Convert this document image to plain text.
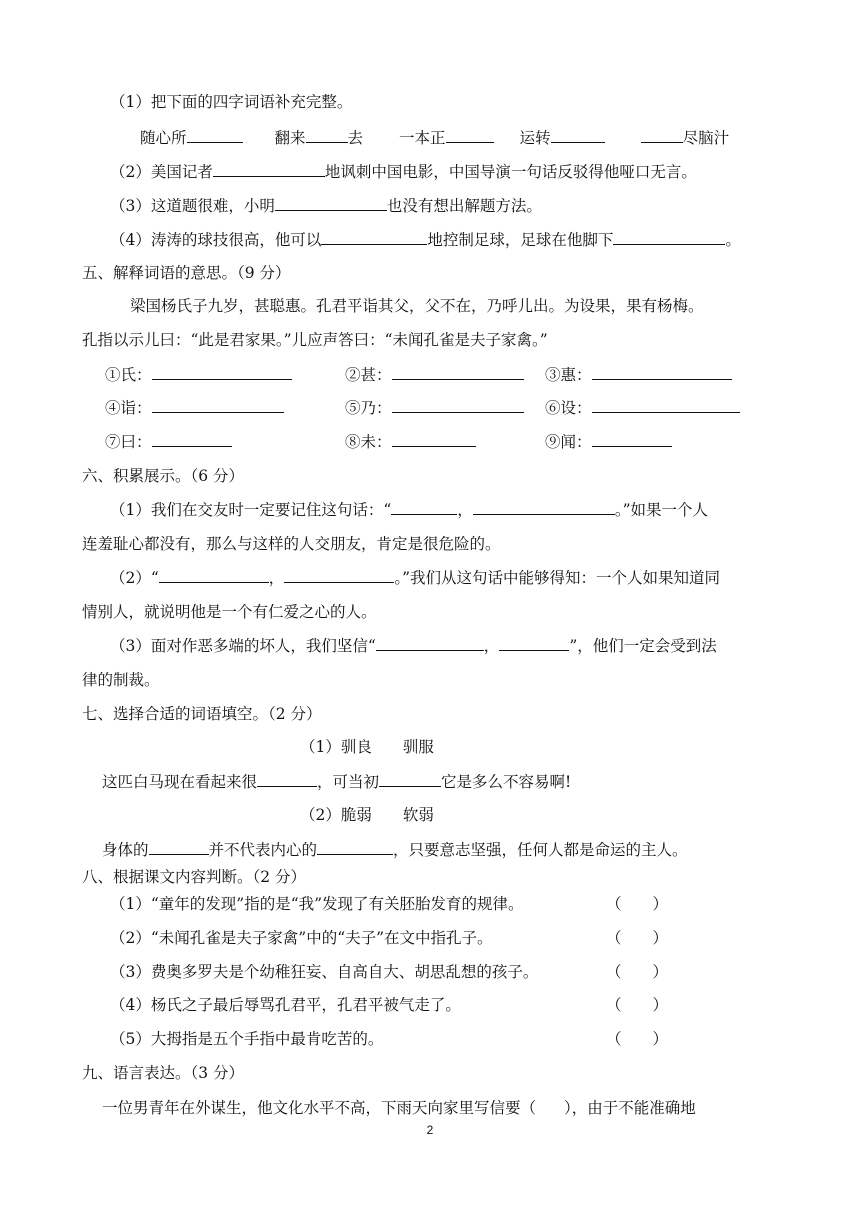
（1）把下面的四字词语补充完整。
随心所	翻来	去 一本正	运转	尽脑汁
（2）美国记者	地讽刺中国电影，中国导演一句话反驳得他哑口无言。
（3）这道题很难，小明	也没有想出解题方法。
（4）涛涛的球技很高，他可以	地控制足球，足球在他脚下	。
五、解释词语的意思。（9 分）
梁国杨氏子九岁，甚聪惠。孔君平诣其父，父不在，乃呼儿出。为设果，果有杨梅。
孔指以示儿曰：“此是君家果。”儿应声答曰：“未闻孔雀是夫子家禽。”
①氏：	②甚：	③惠：
④诣：	⑤乃：	⑥设：
⑦曰：	⑧未：	⑨闻：
六、积累展示。（6 分）
（1）我们在交友时一定要记住这句话：“	，	。”如果一个人
连羞耻心都没有，那么与这样的人交朋友，肯定是很危险的。
（2）“	，	。”我们从这句话中能够得知：一个人如果知道同
情别人，就说明他是一个有仁爱之心的人。
（3）面对作恶多端的坏人，我们坚信“	，	”，他们一定会受到法
律的制裁。
七、选择合适的词语填空。（2 分）
（1）驯良　　驯服
这匹白马现在看起来很	，可当初	它是多么不容易啊!
（2）脆弱　　软弱
身体的	并不代表内心的	，只要意志坚强，任何人都是命运的主人。
八、根据课文内容判断。（2 分）
（1）“童年的发现”指的是“我”发现了有关胚胎发育的规律。	（　　）
（2）“未闻孔雀是夫子家禽”中的“夫子”在文中指孔子。	（　　）
（3）费奥多罗夫是个幼稚狂妄、自高自大、胡思乱想的孩子。	（　　）
（4）杨氏之子最后辱骂孔君平，孔君平被气走了。	（　　）
（5）大拇指是五个手指中最肯吃苦的。	（　　）
九、语言表达。（3 分）
一位男青年在外谋生，他文化水平不高，下雨天向家里写信要（ ），由于不能准确地
2
